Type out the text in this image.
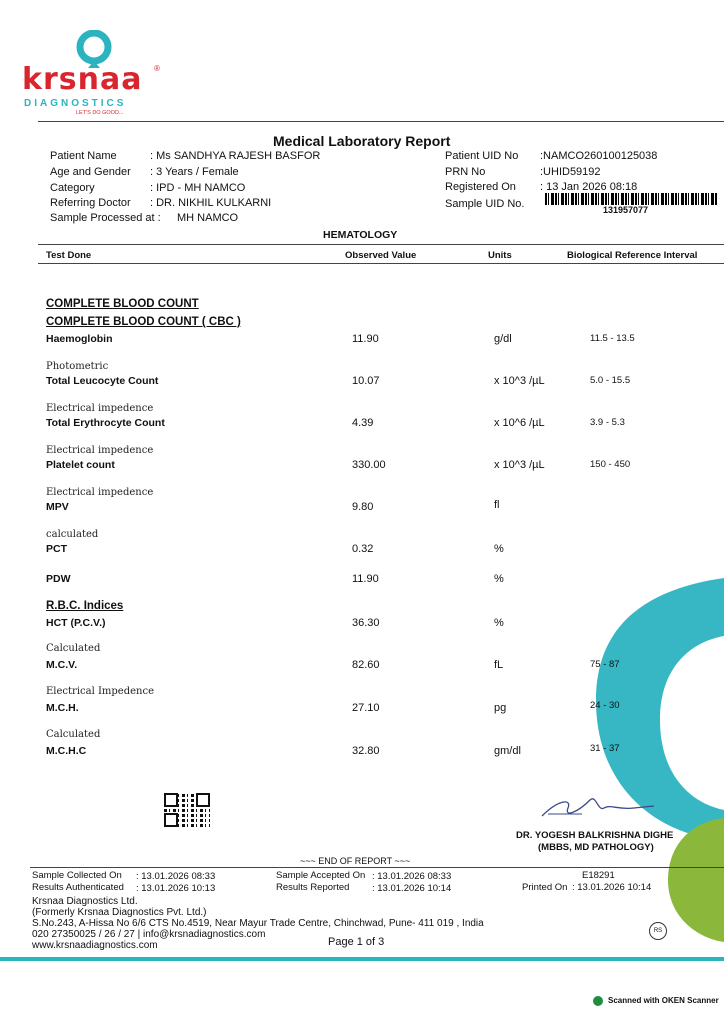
krsnaa ®
DIAGNOSTICS
LET'S DO GOOD...
Medical Laboratory Report
Patient Name	: Ms SANDHYA RAJESH BASFOR
Age and Gender : 3 Years / Female
Category	: IPD - MH NAMCO
Referring Doctor : DR. NIKHIL KULKARNI
Sample Processed at : MH NAMCO
Patient UID No :NAMCO260100125038
PRN No	:UHID59192
Registered On : 13 Jan 2026 08:18
Sample UID No.	131957077
HEMATOLOGY
Test Done	Observed Value	Units	Biological Reference Interval
COMPLETE BLOOD COUNT
COMPLETE BLOOD COUNT ( CBC )
Haemoglobin	11.90	g/dl	11.5 - 13.5
Photometric
Total Leucocyte Count	10.07	x 10^3 /µL	5.0 - 15.5
Electrical impedence
Total Erythrocyte Count	4.39	x 10^6 /µL	3.9 - 5.3
Electrical impedence
Platelet count	330.00	x 10^3 /µL	150 - 450
Electrical impedence
MPV	9.80	fl
calculated
PCT	0.32	%
PDW	11.90	%
R.B.C. Indices
HCT (P.C.V.)	36.30	%
Calculated
M.C.V.	82.60	fL	75 - 87
Electrical Impedence
M.C.H.	27.10	pg	24 - 30
Calculated
M.C.H.C	32.80	gm/dl	31 - 37
DR. YOGESH BALKRISHNA DIGHE
(MBBS, MD PATHOLOGY)
~~~ END OF REPORT ~~~
Sample Collected On : 13.01.2026 08:33
Results Authenticated : 13.01.2026 10:13
Sample Accepted On : 13.01.2026 08:33
Results Reported : 13.01.2026 10:14
E18291
Printed On : 13.01.2026 10:14
Krsnaa Diagnostics Ltd.
(Formerly Krsnaa Diagnostics Pvt. Ltd.)
S.No.243, A-Hissa No 6/6 CTS No.4519, Near Mayur Trade Centre, Chinchwad, Pune- 411 019 , India
020 27350025 / 26 / 27 | info@krsnadiagnostics.com
www.krsnaadiagnostics.com	Page 1 of 3
RS
Scanned with OKEN Scanner
